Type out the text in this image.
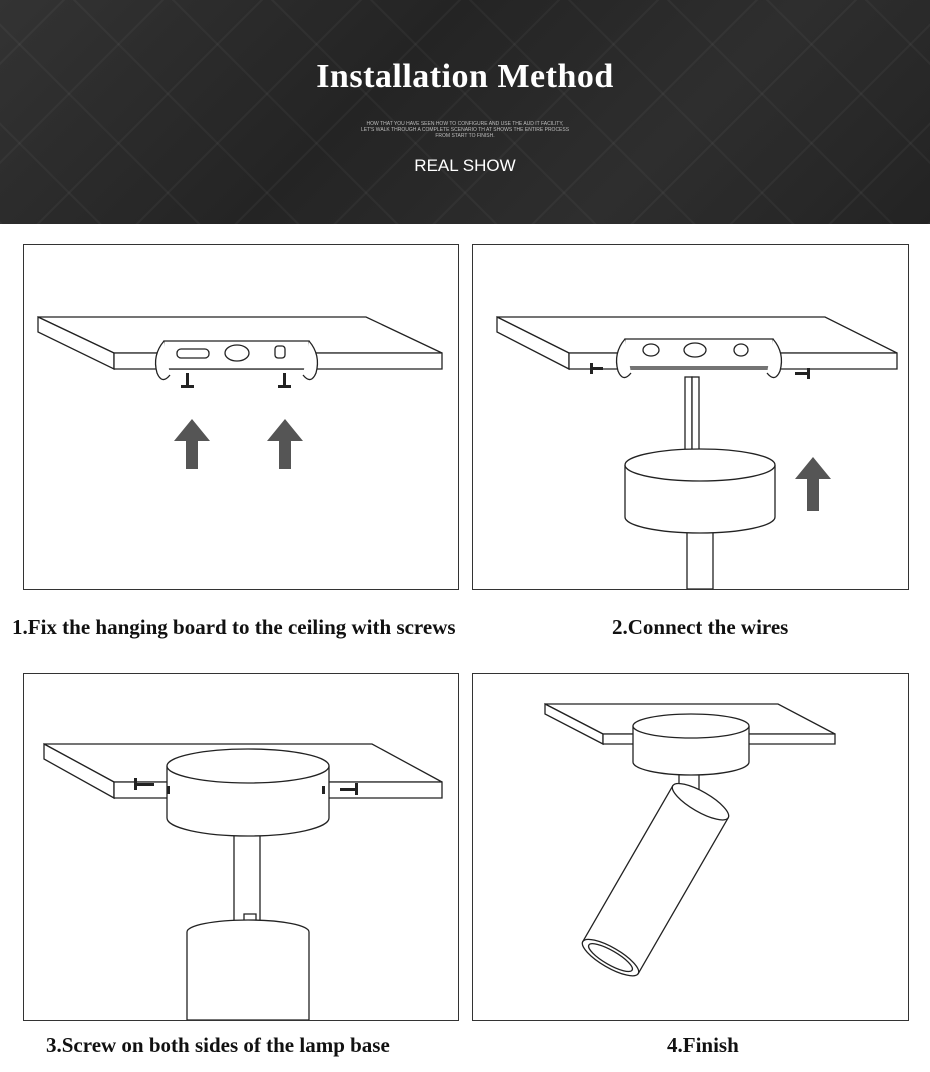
Installation Method
HOW THAT YOU HAVE SEEN HOW TO CONFIGURE AND USE THE AUD IT FACILITY, LET'S WALK THROUGH A COMPLETE SCENARIO TH AT SHOWS THE ENTIRE PROCESS FROM START TO FINISH.
REAL SHOW
1.Fix the hanging board to the ceiling with screws	2.Connect the wires
3.Screw on both sides of the lamp base	4.Finish
